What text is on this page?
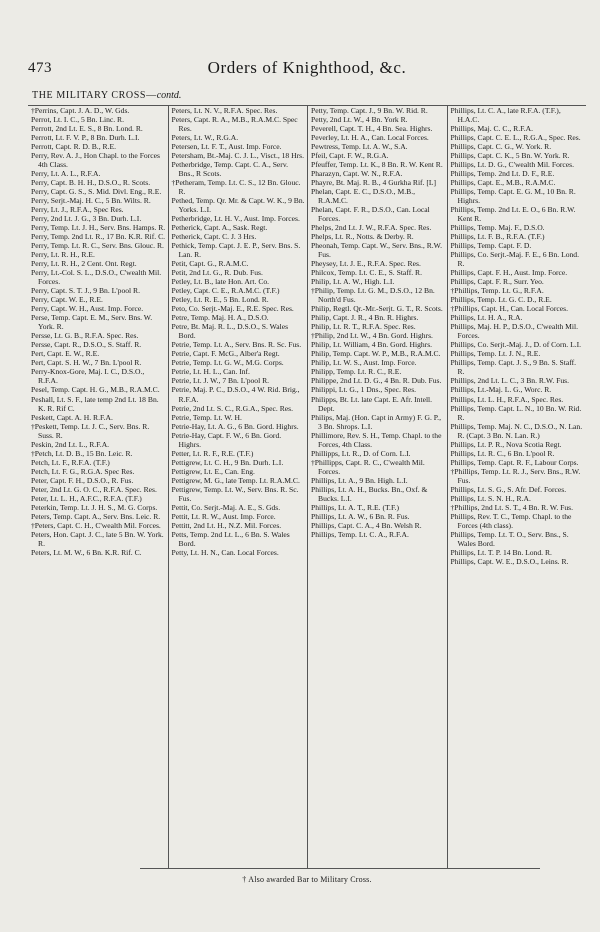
473	Orders of Knighthood, &c.
THE MILITARY CROSS—contd.

†Perrins, Capt. J. A. D., W. Gds.

Perrot, Lt. I. C., 5 Bn. Linc. R.

Perrott, 2nd Lt. E. S., 8 Bn. Lond. R.

Perrott, Lt. F. V. P., 8 Bn. Durh. L.I.

Perrott, Capt. R. D. B., R.E.

Perry, Rev. A. J., Hon Chapl. to the Forces 4th Class.

Perry, Lt. A. L., R.F.A.

Perry, Capt. B. H. H., D.S.O., R. Scots.

Perry, Capt. G. S., S. Mid. Divl. Eng., R.E.

Perry, Serjt.-Maj. H. C., 5 Bn. Wilts. R.

Perry, Lt. J., R.F.A., Spec Res.

Perry, 2nd Lt. J. G., 3 Bn. Durh. L.I.

Perry, Temp. Lt. J. H., Serv. Bns. Hamps. R.

Perry, Temp. 2nd Lt. R., 17 Bn. K.R. Rif. C.

Perry, Temp. Lt. R. C., Serv. Bns. Glouc. R.

Perry, Lt. R. H., R.E.

Perry, Lt. R. H., 2 Cent. Ont. Regt.

Perry, Lt.-Col. S. L., D.S.O., C'wealth Mil. Forces.

Perry, Capt. S. T. J., 9 Bn. L'pool R.

Perry, Capt. W. E., R.E.

Perry, Capt. W. H., Aust. Imp. Force.

Perse, Temp. Capt. E. M., Serv. Bns. W. York. R.

Persse, Lt. G. B., R.F.A. Spec. Res.

Persse, Capt. R., D.S.O., S. Staff. R.

Pert, Capt. E. W., R.E.

Pert, Capt. S. H. W., 7 Bn. L'pool R.

Perry-Knox-Gore, Maj. I. C., D.S.O., R.F.A.

Pesel, Temp. Capt. H. G., M.B., R.A.M.C.

Peshall, Lt. S. F., late temp 2nd Lt. 18 Bn. K. R. Rif C.

Peskett, Capt. A. H. R.F.A.

†Peskett, Temp. Lt. J. C., Serv. Bns. R. Suss. R.

Peskin, 2nd Lt. L., R.F.A.

†Petch, Lt. D. B., 15 Bn. Leic. R.

Petch, Lt. F., R.F.A. (T.F.)

Petch, Lt. F. G., R.G.A. Spec Res.

Peter, Capt. F. H., D.S.O., R. Fus.

Peter, 2nd Lt. G. O. C., R.F.A. Spec. Res.

Peter, Lt. L. H., A.F.C., R.F.A. (T.F.)

Peterkin, Temp. Lt. J. H. S., M. G. Corps.

Peters, Temp. Capt. A., Serv. Bns. Leic. R.

†Peters, Capt. C. H., C'wealth Mil. Forces.

Peters, Hon. Capt. J. C., late 5 Bn. W. York. R.

Peters, Lt. M. W., 6 Bn. K.R. Rif. C.

Peters, Lt. N. V., R.F.A. Spec. Res.

Peters, Capt. R. A., M.B., R.A.M.C. Spec Res.

Peters, Lt. W., R.G.A.

Petersen, Lt. F. T., Aust. Imp. Force.

Petersham, Bt.-Maj. C. J. L., Visct., 18 Hrs.

Petherbridge, Temp. Capt. C. A., Serv. Bns., R Scots.

†Petheram, Temp. Lt. C. S., 12 Bn. Glouc. R.

Pethed, Temp. Qr. Mr. & Capt. W. K., 9 Bn. Yorks. L.I.

Petherbridge, Lt. H. V., Aust. Imp. Forces.

Petherick, Capt. A., Sask. Regt.

Petherick, Capt. C. J. 3 Hrs.

Pethick, Temp. Capt. J. E. P., Serv. Bns. S. Lan. R.

Petit, Capt. G., R.A.M.C.

Petit, 2nd Lt. G., R. Dub. Fus.

Petley, Lt. B., late Hon. Art. Co.

Petley, Capt. C. E., R.A.M.C. (T.F.)

Petley, Lt. R. E., 5 Bn. Lond. R.

Peto, Co. Serjt.-Maj. E., R.E. Spec. Res.

Petre, Temp. Maj. H. A., D.S.O.

Petre, Bt. Maj. R. L., D.S.O., S. Wales Bord.

Petrie, Temp. Lt. A., Serv. Bns. R. Sc. Fus.

Petrie, Capt. F. McG., Alber'a Regt.

Petrie, Temp. Lt. G. W., M.G. Corps.

Petrie, Lt. H. L., Can. Inf.

Petrie, Lt. J. W., 7 Bn. L'pool R.

Petrie, Maj. P. C., D.S.O., 4 W. Rid. Brig., R.F.A.

Petrie, 2nd Lt. S. C., R.G.A., Spec. Res.

Petrie, Temp. Lt. W. H.

Petrie-Hay, Lt. A. G., 6 Bn. Gord. Highrs.

Petrie-Hay, Capt. F. W., 6 Bn. Gord. Highrs.

Petter, Lt. R. F., R.E. (T.F.)

Pettigrew, Lt. C. H., 9 Bn. Durh. L.I.

Pettigrew, Lt. E., Can. Eng.

Pettigrew, M. G., late Temp. Lt. R.A.M.C.

Pettigrew, Temp. Lt. W., Serv. Bns. R. Sc. Fus.

Pettit, Co. Serjt.-Maj. A. E., S. Gds.

Pettit, Lt. R. W., Aust. Imp. Force.

Pettitt, 2nd Lt. H., N.Z. Mil. Forces.

Petts, Temp. 2nd Lt. L., 6 Bn. S. Wales Bord.

Petty, Lt. H. N., Can. Local Forces.

Petty, Temp. Capt. J., 9 Bn. W. Rid. R.

Petty, 2nd Lt. W., 4 Bn. York R.

Peverell, Capt. T. H., 4 Bn. Sea. Highrs.

Peverley, Lt. H. A., Can. Local Forces.

Pewtress, Temp. Lt. A. W., S.A.

Pfeil, Capt. F. W., R.G.A.

Pfeuffer, Temp. Lt. K., 8 Bn. R. W. Kent R.

Pharazyn, Capt. W. N., R.F.A.

Phayre, Bt. Maj. R. B., 4 Gurkha Rif. [L]

Phelan, Capt. E. C., D.S.O., M.B., R.A.M.C.

Phelan, Capt. F. R., D.S.O., Can. Local Forces.

Phelps, 2nd Lt. J. W., R.F.A. Spec. Res.

Phelps, Lt. R., Notts. & Derby. R.

Pheonah, Temp. Capt. W., Serv. Bns., R.W. Fus.

Pheysey, Lt. J. E., R.F.A. Spec. Res.

Philcox, Temp. Lt. C. E., S. Staff. R.

Philip, Lt. A. W., High. L.I.

†Philip, Temp. Lt. G. M., D.S.O., 12 Bn. North'd Fus.

Philip, Regtl. Qr.-Mr.-Serjt. G. T., R. Scots.

Philip, Capt. J. R., 4 Bn. R. Highrs.

Philip, Lt. R. T., R.F.A. Spec. Res.

†Philip, 2nd Lt. W., 4 Bn. Gord. Highrs.

Philip, Lt. William, 4 Bn. Gord. Highrs.

Philip, Temp. Capt. W. P., M.B., R.A.M.C.

Philip, Lt. W. S., Aust. Imp. Force.

Philipp, Temp. Lt. R. C., R.E.

Philippe, 2nd Lt. D. G., 4 Bn. R. Dub. Fus.

Philippi, Lt. G., 1 Dns., Spec. Res.

Philipps, Bt. Lt. late Capt. E. Afr. Intell. Dept.

Philips, Maj. (Hon. Capt in Army) F. G. P., 3 Bn. Shrops. L.I.

Phillimore, Rev. S. H., Temp. Chapl. to the Forces, 4th Class.

Phillipps, Lt. R., D. of Corn. L.I.

†Phillipps, Capt. R. C., C'wealth Mil. Forces.

Phillips, Lt. A., 9 Bn. High. L.I.

Phillips, Lt. A. H., Bucks. Bn., Oxf. & Bucks. L.I.

Phillips, Lt. A. T., R.E. (T.F.)

Phillips, Lt. A. W., 6 Bn. R. Fus.

Phillips, Capt. C. A., 4 Bn. Welsh R.

Phillips, Temp. Lt. C. A., R.F.A.

Phillips, Lt. C. A., late R.F.A. (T.F.), H.A.C.

Phillips, Maj. C. C., R.F.A.

Phillips, Capt. C. E. L., R.G.A., Spec. Res.

Phillips, Capt. C. G., W. York. R.

Phillips, Capt. C. K., 5 Bn. W. York. R.

Phillips, Lt. D. G., C'wealth Mil. Forces.

Phillips, Temp. 2nd Lt. D. F., R.E.

Phillips, Capt. E., M.B., R.A.M.C.

Phillips, Temp. Capt. E. G. M., 10 Bn. R. Highrs.

Phillips, Temp. 2nd Lt. E. O., 6 Bn. R.W. Kent R.

Phillips, Temp. Maj. F., D.S.O.

Phillips, Lt. F. B., R.F.A. (T.F.)

Phillips, Temp. Capt. F. D.

Phillips, Co. Serjt.-Maj. F. E., 6 Bn. Lond. R.

Phillips, Capt. F. H., Aust. Imp. Force.

Phillips, Capt. F. R., Surr. Yeo.

†Phillips, Temp. Lt. G., R.F.A.

Phillips, Temp. Lt. G. C. D., R.E.

†Phillips, Capt. H., Can. Local Forces.

Phillips, Lt. H. A., R.A.

Phillips, Maj. H. P., D.S.O., C'wealth Mil. Forces.

Phillips, Co. Serjt.-Maj. J., D. of Corn. L.I.

Phillips, Temp. Lt. J. N., R.E.

Phillips, Temp. Capt. J. S., 9 Bn. S. Staff. R.

Phillips, 2nd Lt. L. C., 3 Bn. R.W. Fus.

Phillips, Lt.-Maj. L. G., Worc. R.

Phillips, Lt. L. H., R.F.A., Spec. Res.

Phillips, Temp. Capt. L. N., 10 Bn. W. Rid. R.

Phillips, Temp. Maj. N. C., D.S.O., N. Lan. R. (Capt. 3 Bn. N. Lan. R.)

Phillips, Lt. P. R., Nova Scotia Regt.

Phillips, Lt. R. C., 6 Bn. L'pool R.

Phillips, Temp. Capt. R. F., Labour Corps.

†Phillips, Temp. Lt. R. J., Serv. Bns., R.W. Fus.

Phillips, Lt. S. G., S. Afr. Def. Forces.

Phillips, Lt. S. N. H., R.A.

†Phillips, 2nd Lt. S. T., 4 Bn. R. W. Fus.

Phillips, Rev. T. C., Temp. Chapl. to the Forces (4th class).

Phillips, Temp. Lt. T. O., Serv. Bns., S. Wales Bord.

Phillips, Lt. T. P. 14 Bn. Lond. R.

Phillips, Capt. W. E., D.S.O., Leins. R.

† Also awarded Bar to Military Cross.
